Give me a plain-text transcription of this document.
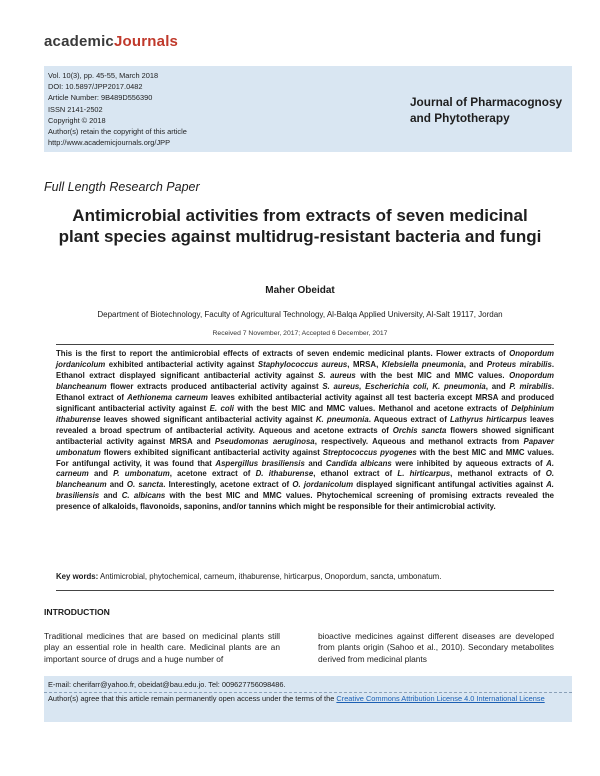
academicJournals
Vol. 10(3), pp. 45-55, March 2018
DOI: 10.5897/JPP2017.0482
Article Number: 9B489D556390
ISSN 2141-2502
Copyright © 2018
Author(s) retain the copyright of this article
http://www.academicjournals.org/JPP
Journal of Pharmacognosy and Phytotherapy
Full Length Research Paper
Antimicrobial activities from extracts of seven medicinal plant species against multidrug-resistant bacteria and fungi
Maher Obeidat
Department of Biotechnology, Faculty of Agricultural Technology, Al-Balqa Applied University, Al-Salt 19117, Jordan
Received 7 November, 2017; Accepted 6 December, 2017
This is the first to report the antimicrobial effects of extracts of seven endemic medicinal plants. Flower extracts of Onopordum jordanicolum exhibited antibacterial activity against Staphylococcus aureus, MRSA, Klebsiella pneumonia, and Proteus mirabilis. Ethanol extract displayed significant antibacterial activity against S. aureus with the best MIC and MMC values. Onopordum blancheanum flower extracts produced antibacterial activity against S. aureus, Escherichia coli, K. pneumonia, and P. mirabilis. Ethanol extract of Aethionema carneum leaves exhibited antibacterial activity against all test bacteria except MRSA and produced significant antibacterial activity against E. coli with the best MIC and MMC values. Methanol and acetone extracts of Delphinium ithaburense leaves showed significant antibacterial activity against K. pneumonia. Aqueous extract of Lathyrus hirticarpus leaves revealed a broad spectrum of antibacterial activity. Aqueous and acetone extracts of Orchis sancta flowers showed significant antibacterial activity against MRSA and Pseudomonas aeruginosa, respectively. Aqueous and methanol extracts from Papaver umbonatum flowers exhibited significant antibacterial activity against Streptococcus pyogenes with the best MIC and MMC values. For antifungal activity, it was found that Aspergillus brasiliensis and Candida albicans were inhibited by aqueous extracts of A. carneum and P. umbonatum, acetone extract of D. ithaburense, ethanol extract of L. hirticarpus, methanol extracts of O. blancheanum and O. sancta. Interestingly, acetone extract of O. jordanicolum displayed significant antifungal activities against A. brasiliensis and C. albicans with the best MIC and MMC values. Phytochemical screening of promising extracts revealed the presence of alkaloids, flavonoids, saponins, and/or tannins which might be responsible for their antimicrobial activity.
Key words: Antimicrobial, phytochemical, carneum, ithaburense, hirticarpus, Onopordum, sancta, umbonatum.
INTRODUCTION
Traditional medicines that are based on medicinal plants still play an essential role in health care. Medicinal plants are an important source of drugs and a huge number of
bioactive medicines against different diseases are developed from plants origin (Sahoo et al., 2010). Secondary metabolites derived from medicinal plants
E-mail: cherifarr@yahoo.fr, obeidat@bau.edu.jo. Tel: 009627756098486.
Author(s) agree that this article remain permanently open access under the terms of the Creative Commons Attribution License 4.0 International License
